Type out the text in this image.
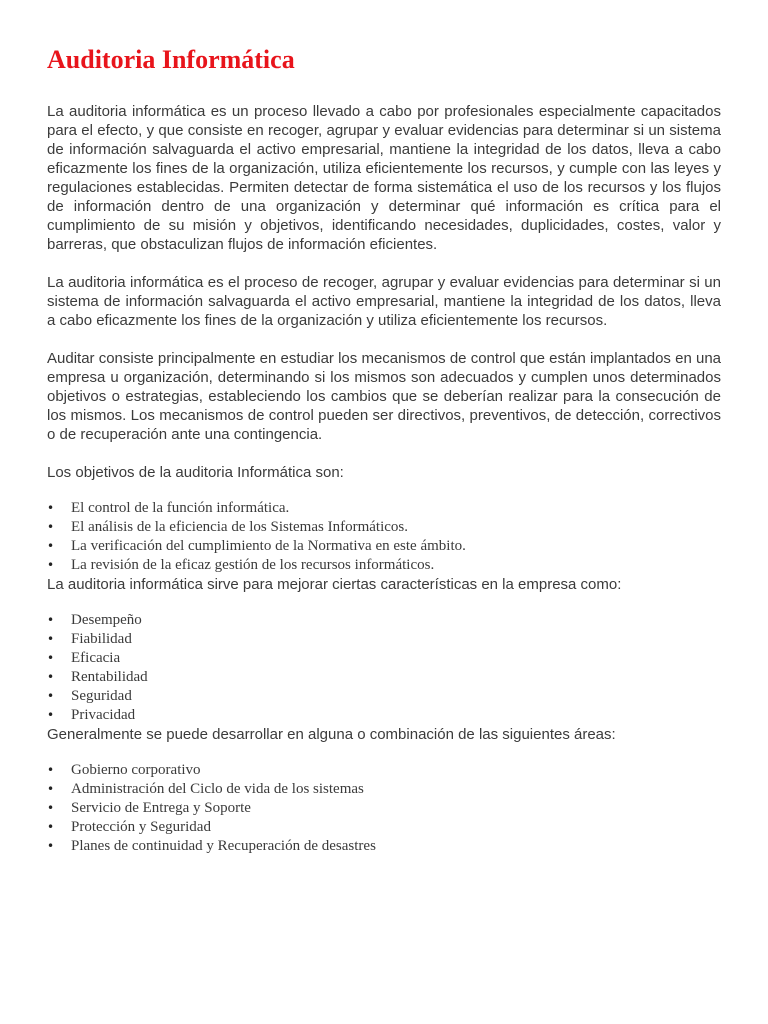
Auditoria Informática

La auditoria informática es un proceso llevado a cabo por profesionales especialmente capacitados para el efecto, y que consiste en recoger, agrupar y evaluar evidencias para determinar si un sistema de información salvaguarda el activo empresarial, mantiene la integridad de los datos, lleva a cabo eficazmente los fines de la organización, utiliza eficientemente los recursos, y cumple con las leyes y regulaciones establecidas. Permiten detectar de forma sistemática el uso de los recursos y los flujos de información dentro de una organización y determinar qué información es crítica para el cumplimiento de su misión y objetivos, identificando necesidades, duplicidades, costes, valor y barreras, que obstaculizan flujos de información eficientes.

La auditoria informática es el proceso de recoger, agrupar y evaluar evidencias para determinar si un sistema de información salvaguarda el activo empresarial, mantiene la integridad de los datos, lleva a cabo eficazmente los fines de la organización y utiliza eficientemente los recursos.

Auditar consiste principalmente en estudiar los mecanismos de control que están implantados en una empresa u organización, determinando si los mismos son adecuados y cumplen unos determinados objetivos o estrategias, estableciendo los cambios que se deberían realizar para la consecución de los mismos. Los mecanismos de control pueden ser directivos, preventivos, de detección, correctivos o de recuperación ante una contingencia.

Los objetivos de la auditoria Informática son:

• El control de la función informática.
• El análisis de la eficiencia de los Sistemas Informáticos.
• La verificación del cumplimiento de la Normativa en este ámbito.
• La revisión de la eficaz gestión de los recursos informáticos.

La auditoria informática sirve para mejorar ciertas características en la empresa como:

• Desempeño
• Fiabilidad
• Eficacia
• Rentabilidad
• Seguridad
• Privacidad

Generalmente se puede desarrollar en alguna o combinación de las siguientes áreas:

• Gobierno corporativo
• Administración del Ciclo de vida de los sistemas
• Servicio de Entrega y Soporte
• Protección y Seguridad
• Planes de continuidad y Recuperación de desastres
